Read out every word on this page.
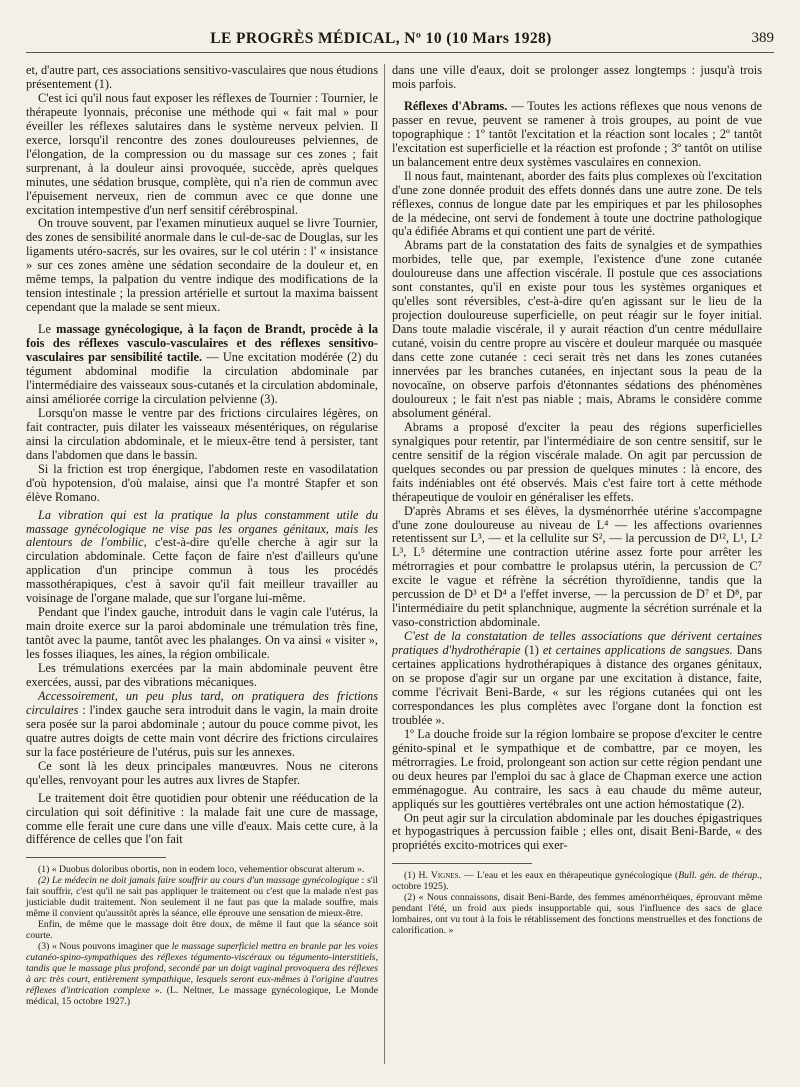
LE PROGRÈS MÉDICAL, Nº 10 (10 Mars 1928)	389

et, d'autre part, ces associations sensitivo-vasculaires que nous étudions présentement (1).

C'est ici qu'il nous faut exposer les réflexes de Tournier : Tournier, le thérapeute lyonnais, préconise une méthode qui « fait mal » pour éveiller les réflexes salutaires dans le système nerveux pelvien. Il exerce, lorsqu'il rencontre des zones douloureuses pelviennes, de l'élongation, de la compression ou du massage sur ces zones ; fait surprenant, à la douleur ainsi provoquée, succède, après quelques minutes, une sédation brusque, complète, qui n'a rien de commun avec l'épuisement nerveux, rien de commun avec ce que donne une excitation intempestive d'un nerf sensitif cérébrospinal.

On trouve souvent, par l'examen minutieux auquel se livre Tournier, des zones de sensibilité anormale dans le cul-de-sac de Douglas, sur les ligaments utéro-sacrés, sur les ovaires, sur le col utérin : l' « insistance » sur ces zones amène une sédation secondaire de la douleur et, en même temps, la palpation du ventre indique des modifications de la tension intestinale ; la pression artérielle et surtout la maxima baissent cependant que la malade se sent mieux.

Le massage gynécologique, à la façon de Brandt, procède à la fois des réflexes vasculo-vasculaires et des réflexes sensitivo-vasculaires par sensibilité tactile. — Une excitation modérée (2) du tégument abdominal modifie la circulation abdominale par l'intermédiaire des vaisseaux sous-cutanés et la circulation abdominale, ainsi améliorée corrige la circulation pelvienne (3).

Lorsqu'on masse le ventre par des frictions circulaires légères, on fait contracter, puis dilater les vaisseaux mésentériques, on régularise ainsi la circulation abdominale, et le mieux-être tend à persister, tant dans l'abdomen que dans le bassin.

Si la friction est trop énergique, l'abdomen reste en vasodilatation d'où hypotension, d'où malaise, ainsi que l'a montré Stapfer et son élève Romano.

La vibration qui est la pratique la plus constamment utile du massage gynécologique ne vise pas les organes génitaux, mais les alentours de l'ombilic, c'est-à-dire qu'elle cherche à agir sur la circulation abdominale. Cette façon de faire n'est d'ailleurs qu'une application d'un principe commun à tous les procédés massothérapiques, c'est à savoir qu'il fait meilleur travailler au voisinage de l'organe malade, que sur l'organe lui-même.

Pendant que l'index gauche, introduit dans le vagin cale l'utérus, la main droite exerce sur la paroi abdominale une trémulation très fine, tantôt avec la paume, tantôt avec les phalanges. On va ainsi « visiter », les fosses iliaques, les aines, la région ombilicale.

Les trémulations exercées par la main abdominale peuvent être exercées, aussi, par des vibrations mécaniques.

Accessoirement, un peu plus tard, on pratiquera des frictions circulaires : l'index gauche sera introduit dans le vagin, la main droite sera posée sur la paroi abdominale ; autour du pouce comme pivot, les quatre autres doigts de cette main vont décrire des frictions circulaires sur la face postérieure de l'utérus, puis sur les annexes.

Ce sont là les deux principales manœuvres. Nous ne citerons qu'elles, renvoyant pour les autres aux livres de Stapfer.

Le traitement doit être quotidien pour obtenir une rééducation de la circulation qui soit définitive : la malade fait une cure de massage, comme elle ferait une cure dans une ville d'eaux. Mais cette cure, à la différence de celles que l'on fait

(1) « Duobus doloribus obortis, non in eodem loco, vehementior obscurat alterum ».

(2) Le médecin ne doit jamais faire souffrir au cours d'un massage gynécologique : s'il fait souffrir, c'est qu'il ne sait pas appliquer le traitement ou c'est que la malade n'est pas justiciable dudit traitement. Non seulement il ne faut pas que la malade souffre, mais même il convient qu'aussitôt après la séance, elle éprouve une sensation de mieux-être.

Enfin, de même que le massage doit être doux, de même il faut que la séance soit courte.

(3) « Nous pouvons imaginer que le massage superficiel mettra en branle par les voies cutanéo-spino-sympathiques des réflexes tégumento-viscéraux ou tégumento-interstitiels, tandis que le massage plus profond, secondé par un doigt vaginal provoquera des réflexes à arc très court, entièrement sympathique, lesquels seront eux-mêmes à l'origine d'autres réflexes d'intrication complexe ». (L. Neltner, Le massage gynécologique, Le Monde médical, 15 octobre 1927.)

dans une ville d'eaux, doit se prolonger assez longtemps : jusqu'à trois mois parfois.

Réflexes d'Abrams. — Toutes les actions réflexes que nous venons de passer en revue, peuvent se ramener à trois groupes, au point de vue topographique : 1º tantôt l'excitation et la réaction sont locales ; 2º tantôt l'excitation est superficielle et la réaction est profonde ; 3º tantôt on utilise un balancement entre deux systèmes vasculaires en connexion.

Il nous faut, maintenant, aborder des faits plus complexes où l'excitation d'une zone donnée produit des effets donnés dans une autre zone. De tels réflexes, connus de longue date par les empiriques et par les philosophes de la médecine, ont servi de fondement à toute une doctrine pathologique qu'a édifiée Abrams et qui contient une part de vérité.

Abrams part de la constatation des faits de synalgies et de sympathies morbides, telle que, par exemple, l'existence d'une zone cutanée douloureuse dans une affection viscérale. Il postule que ces associations sont constantes, qu'il en existe pour tous les systèmes organiques et qu'elles sont réversibles, c'est-à-dire qu'en agissant sur le lieu de la projection douloureuse superficielle, on peut réagir sur le foyer initial. Dans toute maladie viscérale, il y aurait réaction d'un centre médullaire cutané, voisin du centre propre au viscère et douleur marquée ou masquée dans cette zone cutanée : ceci serait très net dans les zones cutanées innervées par les branches cutanées, en injectant sous la peau de la novocaïne, on observe parfois d'étonnantes sédations des phénomènes douloureux ; le fait n'est pas niable ; mais, Abrams le considère comme absolument général.

Abrams a proposé d'exciter la peau des régions superficielles synalgiques pour retentir, par l'intermédiaire de son centre sensitif, sur le centre sensitif de la région viscérale malade. On agit par percussion de quelques secondes ou par pression de quelques minutes : là encore, des faits indéniables ont été observés. Mais c'est faire tort à cette méthode thérapeutique de vouloir en généraliser les effets.

D'après Abrams et ses élèves, la dysménorrhée utérine s'accompagne d'une zone douloureuse au niveau de L⁴ — les affections ovariennes retentissent sur L³, — et la cellulite sur S², — la percussion de D¹², L¹, L² L³, L⁵ détermine une contraction utérine assez forte pour arrêter les métrorragies et pour combattre le prolapsus utérin, la percussion de C⁷ excite le vague et réfrène la sécrétion thyroïdienne, tandis que la percussion de D³ et D⁴ a l'effet inverse, — la percussion de D⁷ et D⁸, par l'intermédiaire du petit splanchnique, augmente la sécrétion surrénale et la vaso-constriction abdominale.

C'est de la constatation de telles associations que dérivent certaines pratiques d'hydrothérapie (1) et certaines applications de sangsues. Dans certaines applications hydrothérapiques à distance des organes génitaux, on se propose d'agir sur un organe par une excitation à distance, faite, comme l'écrivait Beni-Barde, « sur les régions cutanées qui ont les correspondances les plus complètes avec l'organe dont la fonction est troublée ».

1º La douche froide sur la région lombaire se propose d'exciter le centre génito-spinal et le sympathique et de combattre, par ce moyen, les métrorragies. Le froid, prolongeant son action sur cette région pendant une ou deux heures par l'emploi du sac à glace de Chapman exerce une action emménagogue. Au contraire, les sacs à eau chaude du même auteur, appliqués sur les gouttières vertébrales ont une action hémostatique (2).

On peut agir sur la circulation abdominale par les douches épigastriques et hypogastriques à percussion faible ; elles ont, disait Beni-Barde, « des propriétés excito-motrices qui exer-

(1) H. Vignes. — L'eau et les eaux en thérapeutique gynécologique (Bull. gén. de thérap., octobre 1925).

(2) « Nous connaissons, disait Beni-Barde, des femmes aménorrhéiques, éprouvant même pendant l'été, un froid aux pieds insupportable qui, sous l'influence des sacs de glace lombaires, ont vu tout à la fois le rétablissement des fonctions menstruelles et des fonctions de calorification. »
